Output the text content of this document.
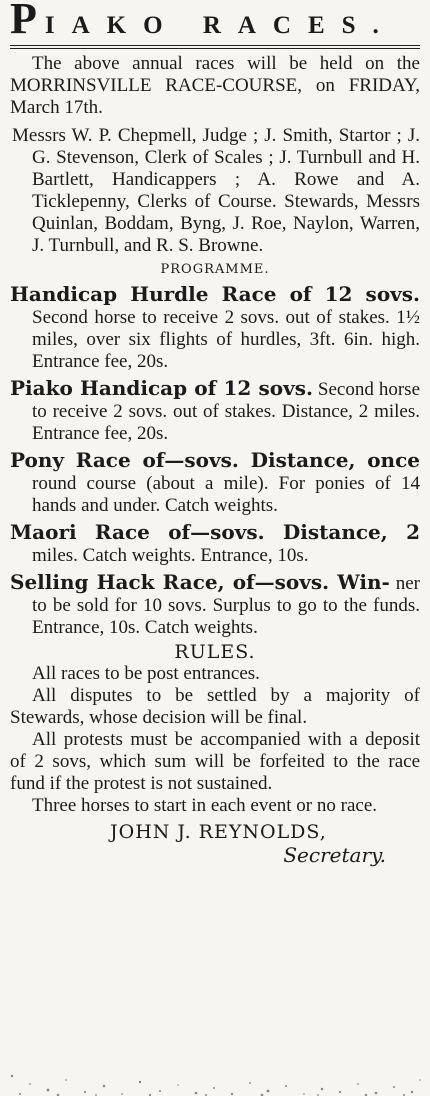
PIAKO RACES.

The above annual races will be held on the MORRINSVILLE RACE-COURSE, on FRIDAY, March 17th.

Messrs W. P. Chepmell, Judge ; J. Smith, Startor ; J. G. Stevenson, Clerk of Scales ; J. Turnbull and H. Bartlett, Handicappers ; A. Rowe and A. Ticklepenny, Clerks of Course. Stewards, Messrs Quinlan, Boddam, Byng, J. Roe, Naylon, Warren, J. Turnbull, and R. S. Browne.

PROGRAMME.

Handicap Hurdle Race of 12 sovs. Second horse to receive 2 sovs. out of stakes. 1½ miles, over six flights of hurdles, 3ft. 6in. high. Entrance fee, 20s.

Piako Handicap of 12 sovs. Second horse to receive 2 sovs. out of stakes. Distance, 2 miles. Entrance fee, 20s.

Pony Race of—sovs. Distance, once round course (about a mile). For ponies of 14 hands and under. Catch weights.

Maori Race of—sovs. Distance, 2 miles. Catch weights. Entrance, 10s.

Selling Hack Race, of—sovs. Win- ner to be sold for 10 sovs. Surplus to go to the funds. Entrance, 10s. Catch weights.

RULES.

All races to be post entrances.

All disputes to be settled by a majority of Stewards, whose decision will be final.

All protests must be accompanied with a deposit of 2 sovs, which sum will be forfeited to the race fund if the protest is not sustained.

Three horses to start in each event or no race.

JOHN J. REYNOLDS,
Secretary.
